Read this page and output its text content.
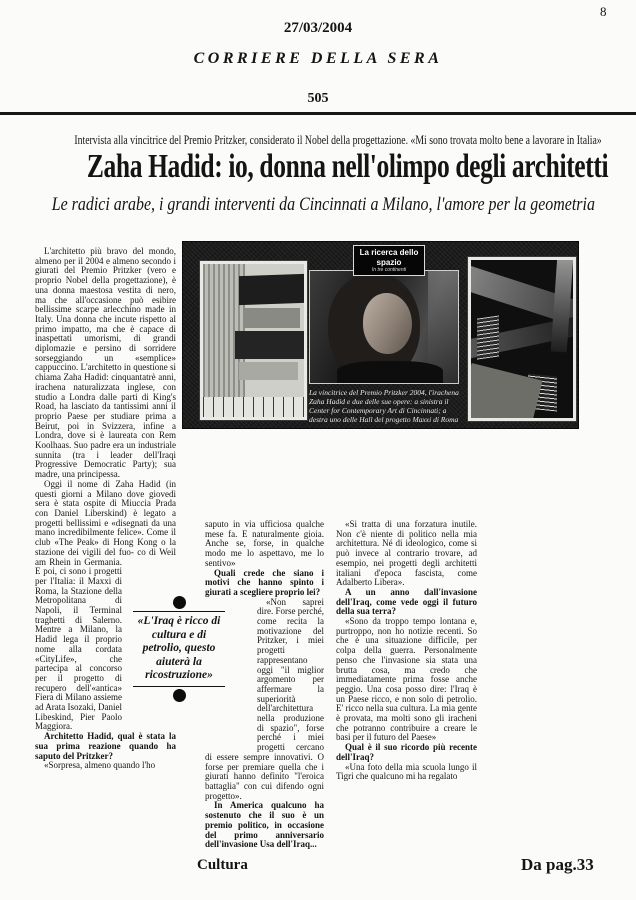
8
27/03/2004
CORRIERE DELLA SERA
505
Intervista alla vincitrice del Premio Pritzker, considerato il Nobel della progettazione. «Mi sono trovata molto bene a lavorare in Italia»
Zaha Hadid: io, donna nell'olimpo degli architetti
Le radici arabe, i grandi interventi da Cincinnati a Milano, l'amore per la geometria
La ricerca dello spazio
In tre continenti
La vincitrice del Premio Pritzker 2004, l'irachena Zaha Hadid e due delle sue opere: a sinistra il Center for Contemporary Art di Cincinnati; a destra uno delle Hall del progetto Maxxi di Roma
«L'Iraq è ricco di cultura e di petrolio, questo aiuterà la ricostruzione»

L'architetto più bravo del mondo, almeno per il 2004 e almeno secondo i giurati del Premio Pritzker (vero e proprio Nobel della progettazione), è una donna maestosa vestita di nero, ma che all'occasione può esibire bellissime scarpe arlecchino made in Italy. Una donna che incute rispetto al primo impatto, ma che è capace di inaspettati umorismi, di grandi diplomazie e persino di sorridere sorseggiando un «semplice» cappuccino. L'architetto in questione si chiama Zaha Hadid: cinquantatrè anni, irachena naturalizzata inglese, con studio a Londra dalle parti di King's Road, ha lasciato da tantissimi anni il proprio Paese per studiare prima a Beirut, poi in Svizzera, infine a Londra, dove si è laureata con Rem Koolhaas. Suo padre era un industriale sunnita (tra i leader dell'Iraqi Progressive Democratic Party); sua madre, una principessa.

Oggi il nome di Zaha Hadid (in questi giorni a Milano dove giovedì sera è stata ospite di Miuccia Prada con Daniel Liberskind) è legato a progetti bellissimi e «disegnati da una mano incredibilmente felice». Come il club «The Peak» di Hong Kong o la stazione dei vigili del fuo- co di Weil am Rhein in Germania. E poi, ci sono i progetti per l'Italia: il Maxxi di Roma, la Stazione della Metropolitana di Napoli, il Terminal traghetti di Salerno. Mentre a Milano, la Hadid lega il proprio nome alla cordata «CityLife», che partecipa al concorso per il progetto di recupero dell'«antica» Fiera di Milano assieme ad Arata Isozaki, Daniel Libeskind, Pier Paolo Maggiora.

Architetto Hadid, qual è stata la sua prima reazione quando ha saputo del Pritzker?

«Sorpresa, almeno quando l'ho

saputo in via ufficiosa qualche mese fa. E naturalmente gioia. Anche se, forse, in qualche modo me lo aspettavo, me lo sentivo»

Quali crede che siano i motivi che hanno spinto i giurati a scegliere proprio lei?

«Non saprei dire. Forse perché, come recita la motivazione del Pritzker, i miei progetti rappresentano oggi "il miglior argomento per affermare la superiorità dell'architettura nella produzione di spazio", forse perché i miei progetti cercano di essere sempre innovativi. O forse per premiare quella che i giurati hanno definito "l'eroica battaglia" con cui difendo ogni progetto».

In America qualcuno ha sostenuto che il suo è un premio politico, in occasione del primo anniversario dell'invasione Usa dell'Iraq...

«Si tratta di una forzatura inutile. Non c'è niente di politico nella mia architettura. Né di ideologico, come si può invece al contrario trovare, ad esempio, nei progetti degli architetti italiani d'epoca fascista, come Adalberto Libera».

A un anno dall'invasione dell'Iraq, come vede oggi il futuro della sua terra?

«Sono da troppo tempo lontana e, purtroppo, non ho notizie recenti. So che è una situazione difficile, per colpa della guerra. Personalmente penso che l'invasione sia stata una brutta cosa, ma credo che immediatamente prima fosse anche peggio. Una cosa posso dire: l'Iraq è un Paese ricco, e non solo di petrolio. E' ricco nella sua cultura. La mia gente è provata, ma molti sono gli iracheni che potranno contribuire a creare le basi per il futuro del Paese»

Qual è il suo ricordo più recente dell'Iraq?

«Una foto della mia scuola lungo il Tigri che qualcuno mi ha regalato

Cultura	Da pag.33
